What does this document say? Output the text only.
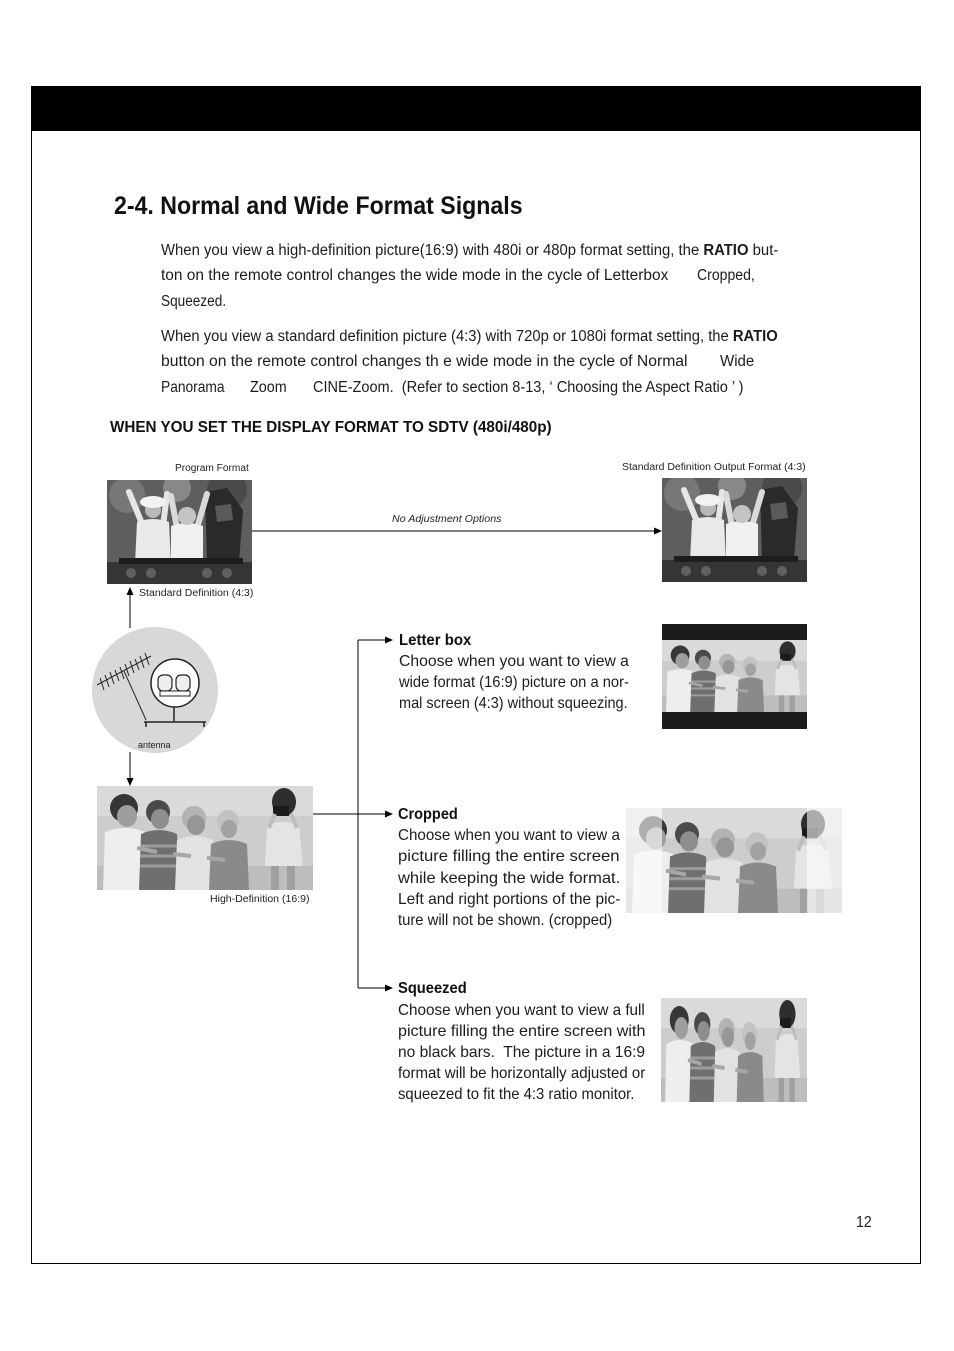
2-4. Normal and Wide Format Signals
When you view a high-definition picture(16:9) with 480i or 480p format setting, the RATIO but-
ton on the remote control changes the wide mode in the cycle of Letterbox Cropped,
Squeezed.
When you view a standard definition picture (4:3) with 720p or 1080i format setting, the RATIO
button on the remote control changes th e wide mode in the cycle of Normal Wide
Panorama Zoom CINE-Zoom.  (Refer to section 8-13, ‘ Choosing the Aspect Ratio ’ )
WHEN YOU SET THE DISPLAY FORMAT TO SDTV (480i/480p)
Program Format	Standard Definition Output Format (4:3)
No Adjustment Options
Standard Definition (4:3)
antenna
High-Definition (16:9)
Letter box
Choose when you want to view a
wide format (16:9) picture on a nor-
mal screen (4:3) without squeezing.
Cropped
Choose when you want to view a
picture filling the entire screen
while keeping the wide format.
Left and right portions of the pic-
ture will not be shown. (cropped)
Squeezed
Choose when you want to view a full
picture filling the entire screen with
no black bars.  The picture in a 16:9
format will be horizontally adjusted or
squeezed to fit the 4:3 ratio monitor.
12
